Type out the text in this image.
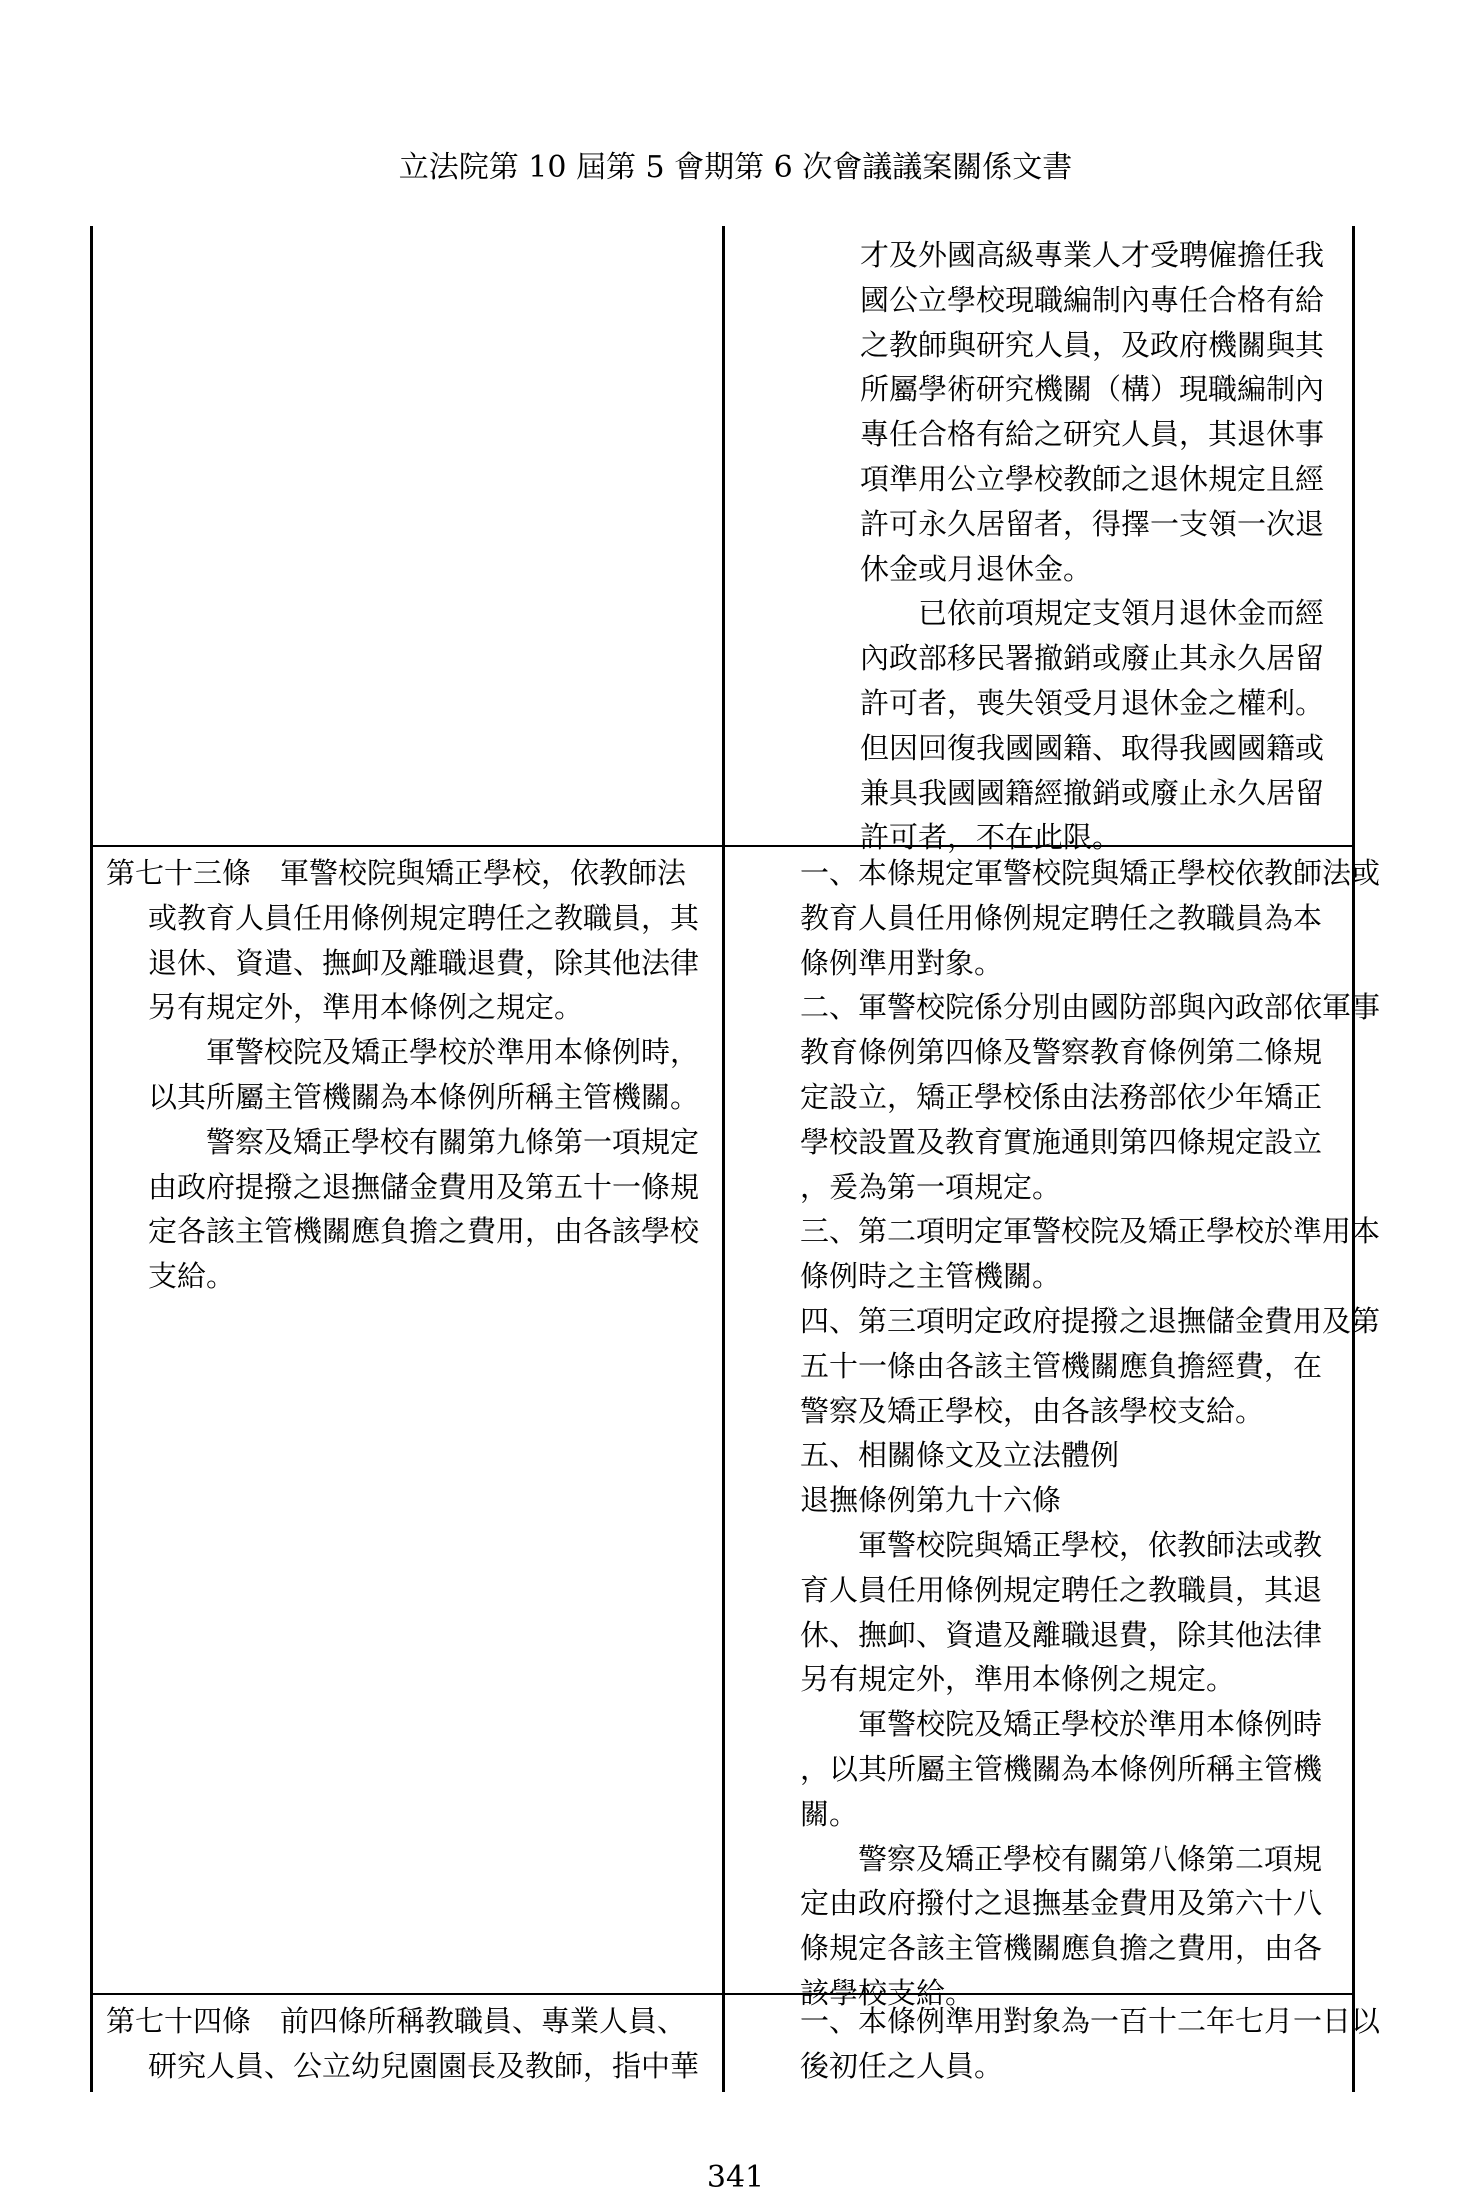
立法院第 10 屆第 5 會期第 6 次會議議案關係文書

才及外國高級專業人才受聘僱擔任我

國公立學校現職編制內專任合格有給

之教師與研究人員，及政府機關與其

所屬學術研究機關（構）現職編制內

專任合格有給之研究人員，其退休事

項準用公立學校教師之退休規定且經

許可永久居留者，得擇一支領一次退

休金或月退休金。

已依前項規定支領月退休金而經

內政部移民署撤銷或廢止其永久居留

許可者，喪失領受月退休金之權利。

但因回復我國國籍、取得我國國籍或

兼具我國國籍經撤銷或廢止永久居留

許可者，不在此限。

第七十三條　軍警校院與矯正學校，依教師法

或教育人員任用條例規定聘任之教職員，其

退休、資遣、撫卹及離職退費，除其他法律

另有規定外，準用本條例之規定。

軍警校院及矯正學校於準用本條例時，

以其所屬主管機關為本條例所稱主管機關。

警察及矯正學校有關第九條第一項規定

由政府提撥之退撫儲金費用及第五十一條規

定各該主管機關應負擔之費用，由各該學校

支給。

一、本條規定軍警校院與矯正學校依教師法或

教育人員任用條例規定聘任之教職員為本

條例準用對象。

二、軍警校院係分別由國防部與內政部依軍事

教育條例第四條及警察教育條例第二條規

定設立，矯正學校係由法務部依少年矯正

學校設置及教育實施通則第四條規定設立

，爰為第一項規定。

三、第二項明定軍警校院及矯正學校於準用本

條例時之主管機關。

四、第三項明定政府提撥之退撫儲金費用及第

五十一條由各該主管機關應負擔經費，在

警察及矯正學校，由各該學校支給。

五、相關條文及立法體例

退撫條例第九十六條

軍警校院與矯正學校，依教師法或教

育人員任用條例規定聘任之教職員，其退

休、撫卹、資遣及離職退費，除其他法律

另有規定外，準用本條例之規定。

軍警校院及矯正學校於準用本條例時

，以其所屬主管機關為本條例所稱主管機

關。

警察及矯正學校有關第八條第二項規

定由政府撥付之退撫基金費用及第六十八

條規定各該主管機關應負擔之費用，由各

該學校支給。

第七十四條　前四條所稱教職員、專業人員、

研究人員、公立幼兒園園長及教師，指中華

一、本條例準用對象為一百十二年七月一日以

後初任之人員。

341
